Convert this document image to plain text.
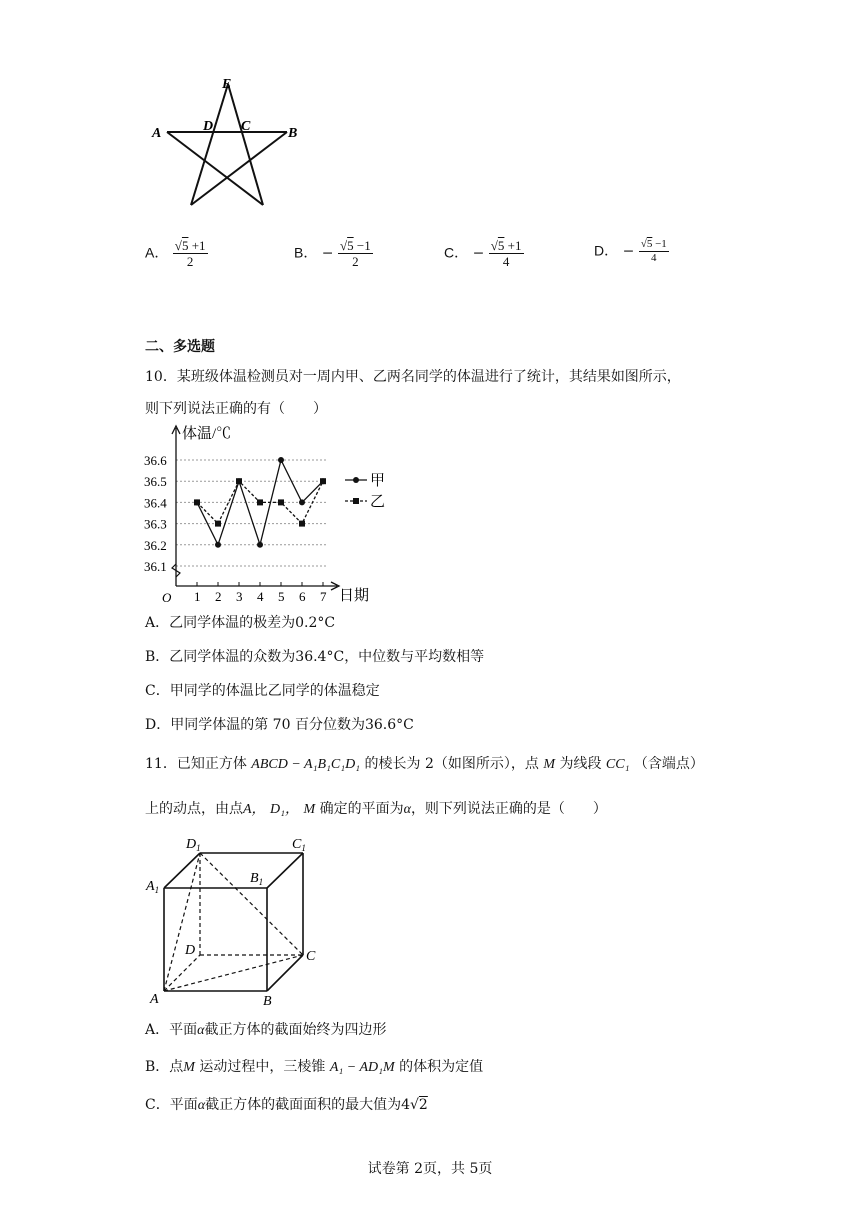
E
A	D C	B
A． $\frac{√5 +1}{2}$	B． − $\frac{√5 -1}{2}$	C． − $\frac{√5 +1}{4}$	D． − $\frac{√5 -1}{4}$
二、多选题
10．某班级体温检测员对一周内甲、乙两名同学的体温进行了统计，其结果如图所示，
则下列说法正确的有（　　）
36.1
36.2
36.3
36.4
36.5
36.6
体温/℃
日期
O 1 2 3 4 5 6 7
甲
乙
A．乙同学体温的极差为0.2°C
B．乙同学体温的众数为36.4°C，中位数与平均数相等
C．甲同学的体温比乙同学的体温稳定
D．甲同学体温的第 70 百分位数为36.6°C
11．已知正方体 ABCD − A₁B₁C₁D₁ 的棱长为 2（如图所示），点 M 为线段 CC₁ （含端点）
上的动点，由点A， D₁， M 确定的平面为α，则下列说法正确的是（　　）
$D_1$	$C_1$
$A_1$
$B_1$
D	C
A	B
A．平面α截正方体的截面始终为四边形
B．点M 运动过程中，三棱锥 A₁ − AD₁M 的体积为定值
C．平面α截正方体的截面面积的最大值为4√2
试卷第 2页，共 5页
